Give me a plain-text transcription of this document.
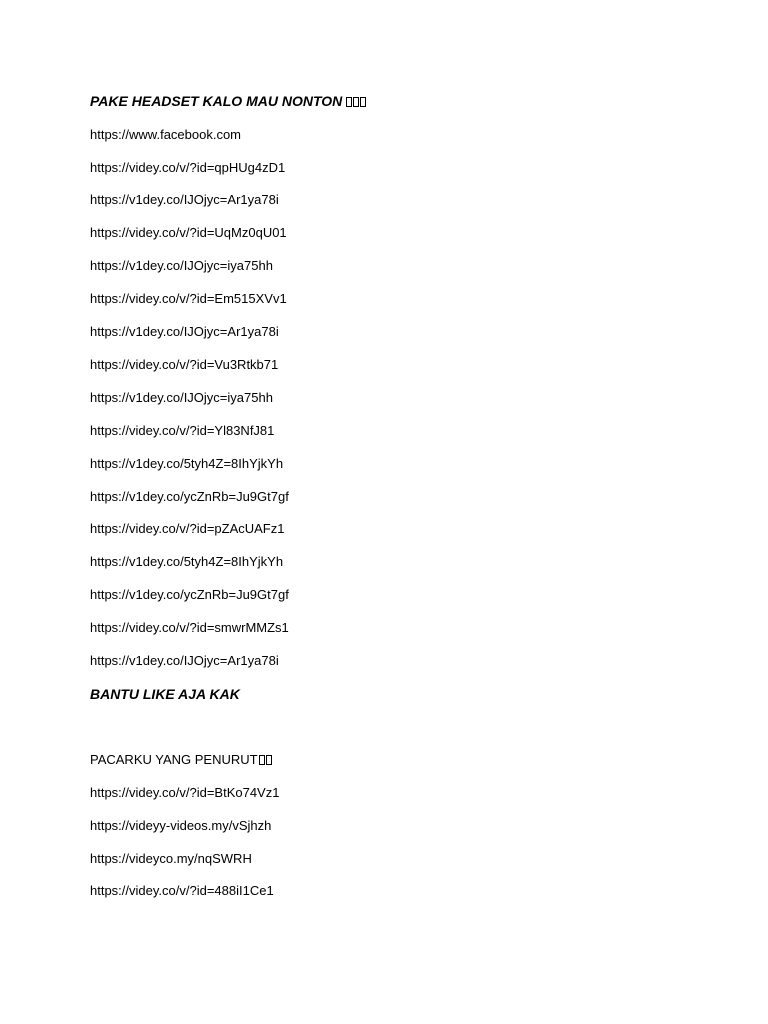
PAKE HEADSET KALO MAU NONTON
https://www.facebook.com
https://videy.co/v/?id=qpHUg4zD1
https://v1dey.co/IJOjyc=Ar1ya78i
https://videy.co/v/?id=UqMz0qU01
https://v1dey.co/IJOjyc=iya75hh
https://videy.co/v/?id=Em515XVv1
https://v1dey.co/IJOjyc=Ar1ya78i
https://videy.co/v/?id=Vu3Rtkb71
https://v1dey.co/IJOjyc=iya75hh
https://videy.co/v/?id=Yl83NfJ81
https://v1dey.co/5tyh4Z=8IhYjkYh
https://v1dey.co/ycZnRb=Ju9Gt7gf
https://videy.co/v/?id=pZAcUAFz1
https://v1dey.co/5tyh4Z=8IhYjkYh
https://v1dey.co/ycZnRb=Ju9Gt7gf
https://videy.co/v/?id=smwrMMZs1
https://v1dey.co/IJOjyc=Ar1ya78i
BANTU LIKE AJA KAK
PACARKU YANG PENURUT
https://videy.co/v/?id=BtKo74Vz1
https://videyy-videos.my/vSjhzh
https://videyco.my/nqSWRH
https://videy.co/v/?id=488iI1Ce1
